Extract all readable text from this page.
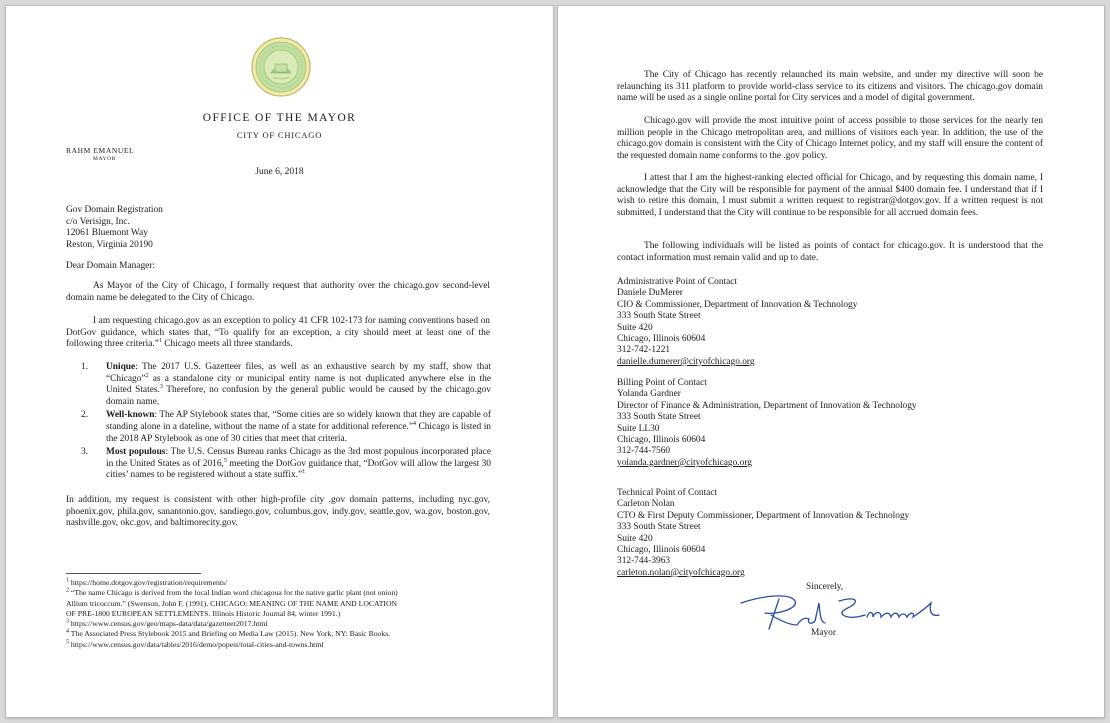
OFFICE OF THE MAYOR
CITY OF CHICAGO
RAHM EMANUEL
MAYOR
June 6, 2018
Gov Domain Registration
c/o Verisign, Inc.
12061 Bluemont Way
Reston, Virginia 20190
Dear Domain Manager:
As Mayor of the City of Chicago, I formally request that authority over the chicago.gov second-level domain name be delegated to the City of Chicago.
I am requesting chicago.gov as an exception to policy 41 CFR 102-173 for naming conventions based on DotGov guidance, which states that, “To qualify for an exception, a city should meet at least one of the following three criteria.”$^1$ Chicago meets all three standards.
1. Unique: The 2017 U.S. Gazetteer files, as well as an exhaustive search by my staff, show that “Chicago”$^2$ as a standalone city or municipal entity name is not duplicated anywhere else in the United States.$^3$ Therefore, no confusion by the general public would be caused by the chicago.gov domain name.
2. Well-known: The AP Stylebook states that, “Some cities are so widely known that they are capable of standing alone in a dateline, without the name of a state for additional reference.”$^4$ Chicago is listed in the 2018 AP Stylebook as one of 30 cities that meet that criteria.
3. Most populous: The U.S. Census Bureau ranks Chicago as the 3rd most populous incorporated place in the United States as of 2016,$^5$ meeting the DotGov guidance that, “DotGov will allow the largest 30 cities’ names to be registered without a state suffix.”$^1$
In addition, my request is consistent with other high-profile city .gov domain patterns, including nyc.gov, phoenix.gov, phila.gov, sanantonio.gov, sandiego.gov, columbus.gov, indy.gov, seattle.gov, wa.gov, boston.gov, nashville.gov, okc.gov, and baltimorecity.gov.
$^1$ https://home.dotgov.gov/registration/requirements/
$^2$ “The name Chicago is derived from the local Indian word chicagoua for the native garlic plant (not onion)
Allium tricoccum.” (Swenson, John F. (1991). CHICAGO: MEANING OF THE NAME AND LOCATION
OF PRE-1800 EUROPEAN SETTLEMENTS. Illinois Historic Journal 84, winter 1991.)
$^3$ https://www.census.gov/geo/maps-data/data/gazetteer2017.html
$^4$ The Associated Press Stylebook 2015 and Briefing on Media Law (2015). New York, NY: Basic Books.
$^5$ https://www.census.gov/data/tables/2016/demo/popest/total-cities-and-towns.html
The City of Chicago has recently relaunched its main website, and under my directive will soon be relaunching its 311 platform to provide world-class service to its citizens and visitors. The chicago.gov domain name will be used as a single online portal for City services and a model of digital government.
Chicago.gov will provide the most intuitive point of access possible to those services for the nearly ten million people in the Chicago metropolitan area, and millions of visitors each year. In addition, the use of the chicago.gov domain is consistent with the City of Chicago Internet policy, and my staff will ensure the content of the requested domain name conforms to the .gov policy.
I attest that I am the highest-ranking elected official for Chicago, and by requesting this domain name, I acknowledge that the City will be responsible for payment of the annual $400 domain fee. I understand that if I wish to retire this domain, I must submit a written request to registrar@dotgov.gov. If a written request is not submitted, I understand that the City will continue to be responsible for all accrued domain fees.
The following individuals will be listed as points of contact for chicago.gov. It is understood that the contact information must remain valid and up to date.
Administrative Point of Contact
Daniele DuMerer
CIO & Commissioner, Department of Innovation & Technology
333 South State Street
Suite 420
Chicago, Illinois 60604
312-742-1221
danielle.dumerer@cityofchicago.org
Billing Point of Contact
Yolanda Gardner
Director of Finance & Administration, Department of Innovation & Technology
333 South State Street
Suite LL30
Chicago, Illinois 60604
312-744-7560
yolanda.gardner@cityofchicago.org
Technical Point of Contact
Carleton Nolan
CTO & First Deputy Commissioner, Department of Innovation & Technology
333 South State Street
Suite 420
Chicago, Illinois 60604
312-744-3963
carleton.nolan@cityofchicago.org
Sincerely,
Mayor
